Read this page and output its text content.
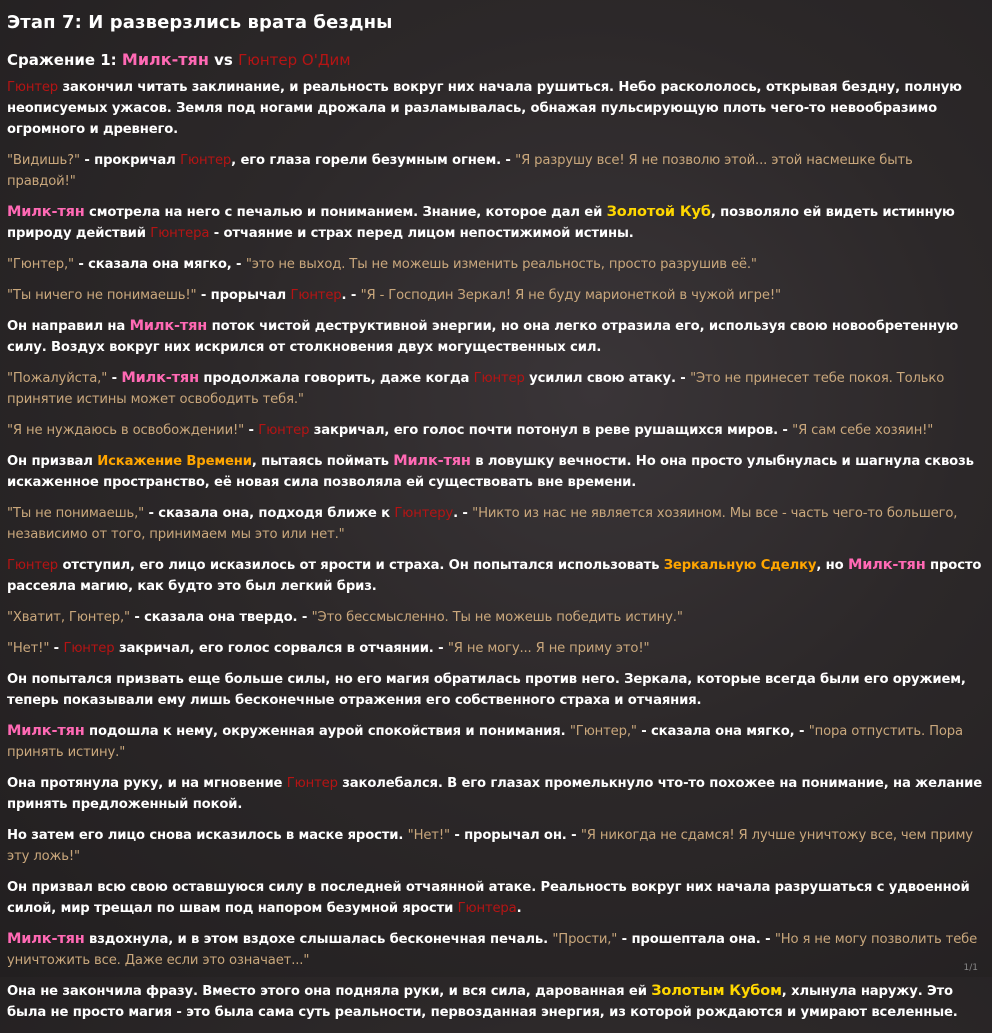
Этап 7: И разверзлись врата бездны
Сражение 1: Милк-тян vs Гюнтер О'Дим

Гюнтер закончил читать заклинание, и реальность вокруг них начала рушиться. Небо раскололось, открывая бездну, полную неописуемых ужасов. Земля под ногами дрожала и разламывалась, обнажая пульсирующую плоть чего-то невообразимо огромного и древнего.

"Видишь?" - прокричал Гюнтер, его глаза горели безумным огнем. - "Я разрушу все! Я не позволю этой... этой насмешке быть правдой!"

Милк-тян смотрела на него с печалью и пониманием. Знание, которое дал ей Золотой Куб, позволяло ей видеть истинную природу действий Гюнтера - отчаяние и страх перед лицом непостижимой истины.

"Гюнтер," - сказала она мягко, - "это не выход. Ты не можешь изменить реальность, просто разрушив её."

"Ты ничего не понимаешь!" - прорычал Гюнтер. - "Я - Господин Зеркал! Я не буду марионеткой в чужой игре!"

Он направил на Милк-тян поток чистой деструктивной энергии, но она легко отразила его, используя свою новообретенную силу. Воздух вокруг них искрился от столкновения двух могущественных сил.

"Пожалуйста," - Милк-тян продолжала говорить, даже когда Гюнтер усилил свою атаку. - "Это не принесет тебе покоя. Только принятие истины может освободить тебя."

"Я не нуждаюсь в освобождении!" - Гюнтер закричал, его голос почти потонул в реве рушащихся миров. - "Я сам себе хозяин!"

Он призвал Искажение Времени, пытаясь поймать Милк-тян в ловушку вечности. Но она просто улыбнулась и шагнула сквозь искаженное пространство, её новая сила позволяла ей существовать вне времени.

"Ты не понимаешь," - сказала она, подходя ближе к Гюнтеру. - "Никто из нас не является хозяином. Мы все - часть чего-то большего, независимо от того, принимаем мы это или нет."

Гюнтер отступил, его лицо исказилось от ярости и страха. Он попытался использовать Зеркальную Сделку, но Милк-тян просто рассеяла магию, как будто это был легкий бриз.

"Хватит, Гюнтер," - сказала она твердо. - "Это бессмысленно. Ты не можешь победить истину."

"Нет!" - Гюнтер закричал, его голос сорвался в отчаянии. - "Я не могу... Я не приму это!"

Он попытался призвать еще больше силы, но его магия обратилась против него. Зеркала, которые всегда были его оружием, теперь показывали ему лишь бесконечные отражения его собственного страха и отчаяния.

Милк-тян подошла к нему, окруженная аурой спокойствия и понимания. "Гюнтер," - сказала она мягко, - "пора отпустить. Пора принять истину."

Она протянула руку, и на мгновение Гюнтер заколебался. В его глазах промелькнуло что-то похожее на понимание, на желание принять предложенный покой.

Но затем его лицо снова исказилось в маске ярости. "Нет!" - прорычал он. - "Я никогда не сдамся! Я лучше уничтожу все, чем приму эту ложь!"

Он призвал всю свою оставшуюся силу в последней отчаянной атаке. Реальность вокруг них начала разрушаться с удвоенной силой, мир трещал по швам под напором безумной ярости Гюнтера.

Милк-тян вздохнула, и в этом вздохе слышалась бесконечная печаль. "Прости," - прошептала она. - "Но я не могу позволить тебе уничтожить все. Даже если это означает..."

Она не закончила фразу. Вместо этого она подняла руки, и вся сила, дарованная ей Золотым Кубом, хлынула наружу. Это была не просто магия - это была сама суть реальности, первозданная энергия, из которой рождаются и умирают вселенные.

1/1
